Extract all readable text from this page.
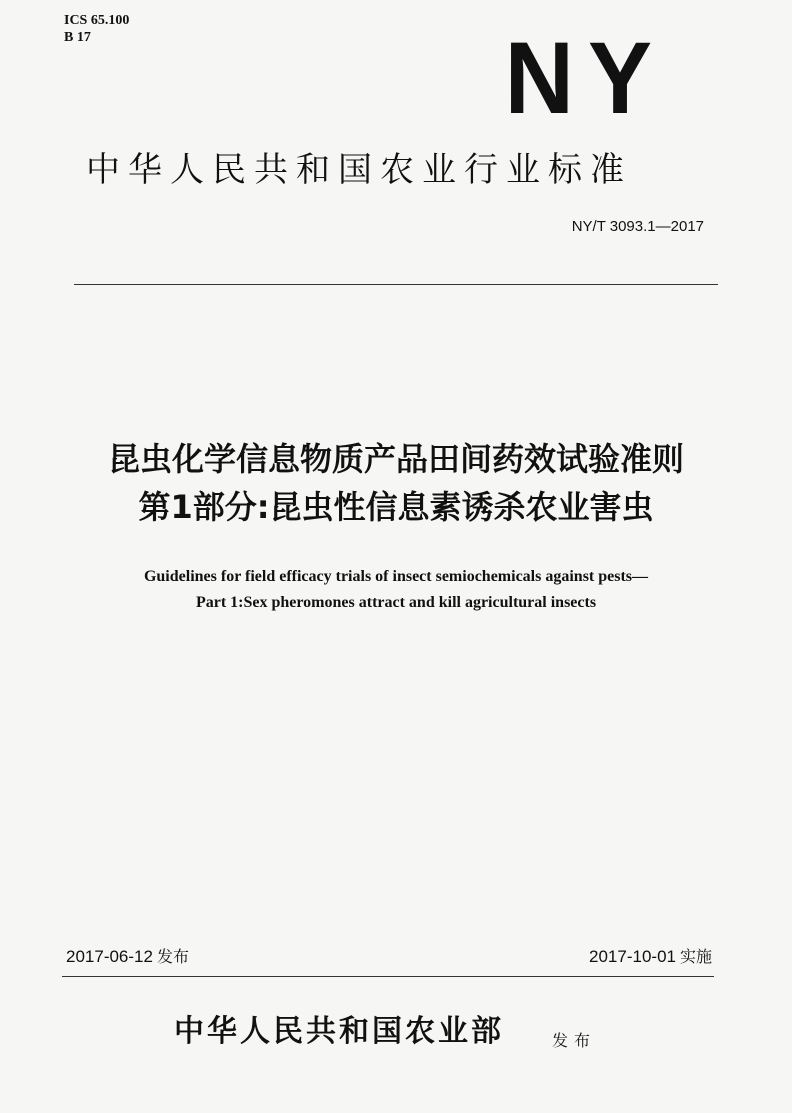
ICS 65.100
B 17	NY
中华人民共和国农业行业标准
NY/T 3093.1—2017
昆虫化学信息物质产品田间药效试验准则
第1部分:昆虫性信息素诱杀农业害虫
Guidelines for field efficacy trials of insect semiochemicals against pests—
Part 1:Sex pheromones attract and kill agricultural insects
2017-06-12 发布	2017-10-01 实施
中华人民共和国农业部	发布
